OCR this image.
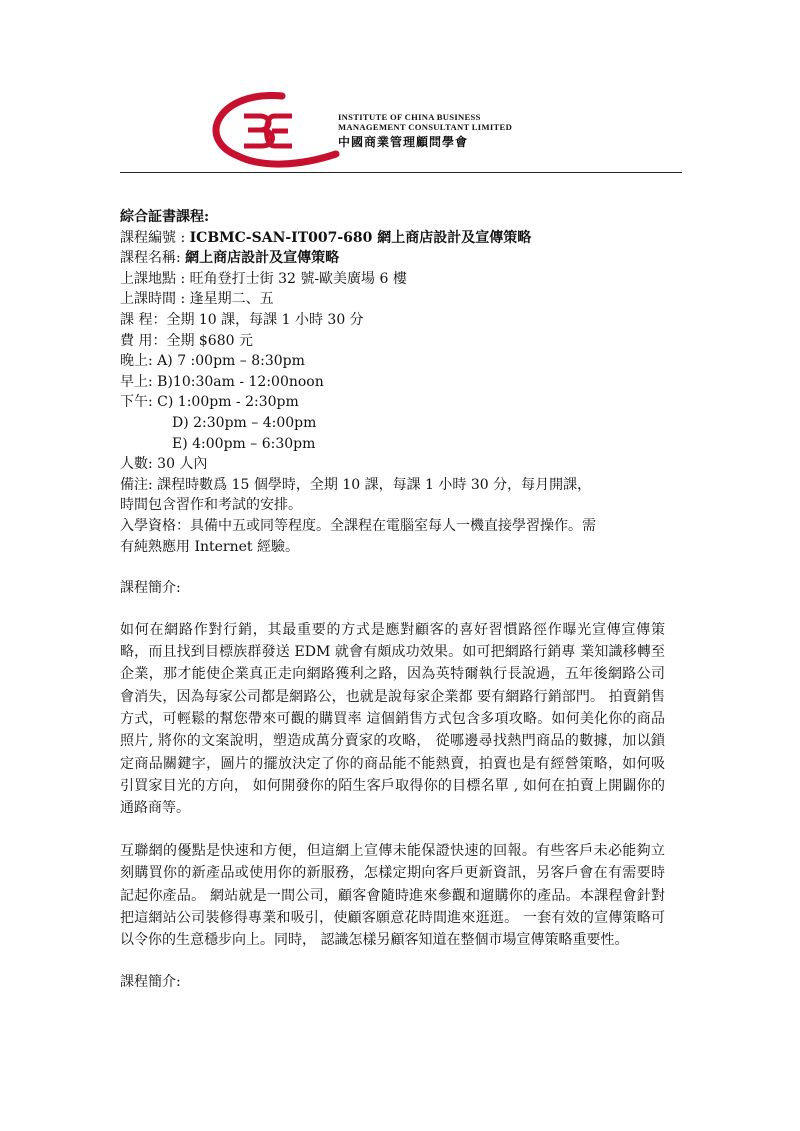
INSTITUTE OF CHINA BUSINESS
MANAGEMENT CONSULTANT LIMITED
中國商業管理顧問學會
綜合証書課程:
課程編號 : ICBMC-SAN-IT007-680 網上商店設計及宣傳策略
課程名稱: 網上商店設計及宣傳策略
上課地點 : 旺角登打士街 32 號-歐美廣場 6 樓
上課時間 : 逢星期二、五
課 程：全期 10 課，每課 1 小時 30 分
費 用：全期 $680 元
晚上: A) 7 :00pm – 8:30pm
早上: B)10:30am - 12:00noon
下午: C) 1:00pm - 2:30pm
D) 2:30pm – 4:00pm
E) 4:00pm – 6:30pm
人數: 30 人內
備注: 課程時數爲 15 個學時，全期 10 課，每課 1 小時 30 分，每月開課，
時間包含習作和考試的安排。
入學資格：具備中五或同等程度。全課程在電腦室每人一機直接學習操作。需
有純熟應用 Internet 經驗。
課程簡介:
如何在網路作對行銷，其最重要的方式是應對顧客的喜好習慣路徑作曝光宣傳宣傳策略，而且找到目標族群發送 EDM 就會有頗成功效果。如可把網路行銷專 業知識移轉至企業，那才能使企業真正走向網路獲利之路，因為英特爾執行長說過，五年後網路公司會消失，因為每家公司都是網路公，也就是說每家企業都 要有網路行銷部門。 拍賣銷售方式，可輕鬆的幫您帶來可觀的購買率 這個銷售方式包含多項攻略。如何美化你的商品照片, 將你的文案說明，塑造成萬分賣家的攻略， 從哪邊尋找熱門商品的數據，加以鎖定商品關鍵字，圖片的擺放決定了你的商品能不能熱賣，拍賣也是有經營策略，如何吸引買家目光的方向， 如何開發你的陌生客戶取得你的目標名單 , 如何在拍賣上開闢你的通路商等。
互聯網的優點是快速和方便，但這網上宣傳未能保證快速的回報。有些客戶未必能夠立刻購買你的新產品或使用你的新服務，怎樣定期向客戶更新資訊，另客戶會在有需要時記起你產品。 網站就是一間公司，顧客會隨時進來參觀和遛購你的產品。本課程會針對把這網站公司裝修得專業和吸引，使顧客願意花時間進來逛逛。 一套有效的宣傳策略可以令你的生意穩步向上。同時， 認識怎樣另顧客知道在整個市場宣傳策略重要性。
課程簡介:
